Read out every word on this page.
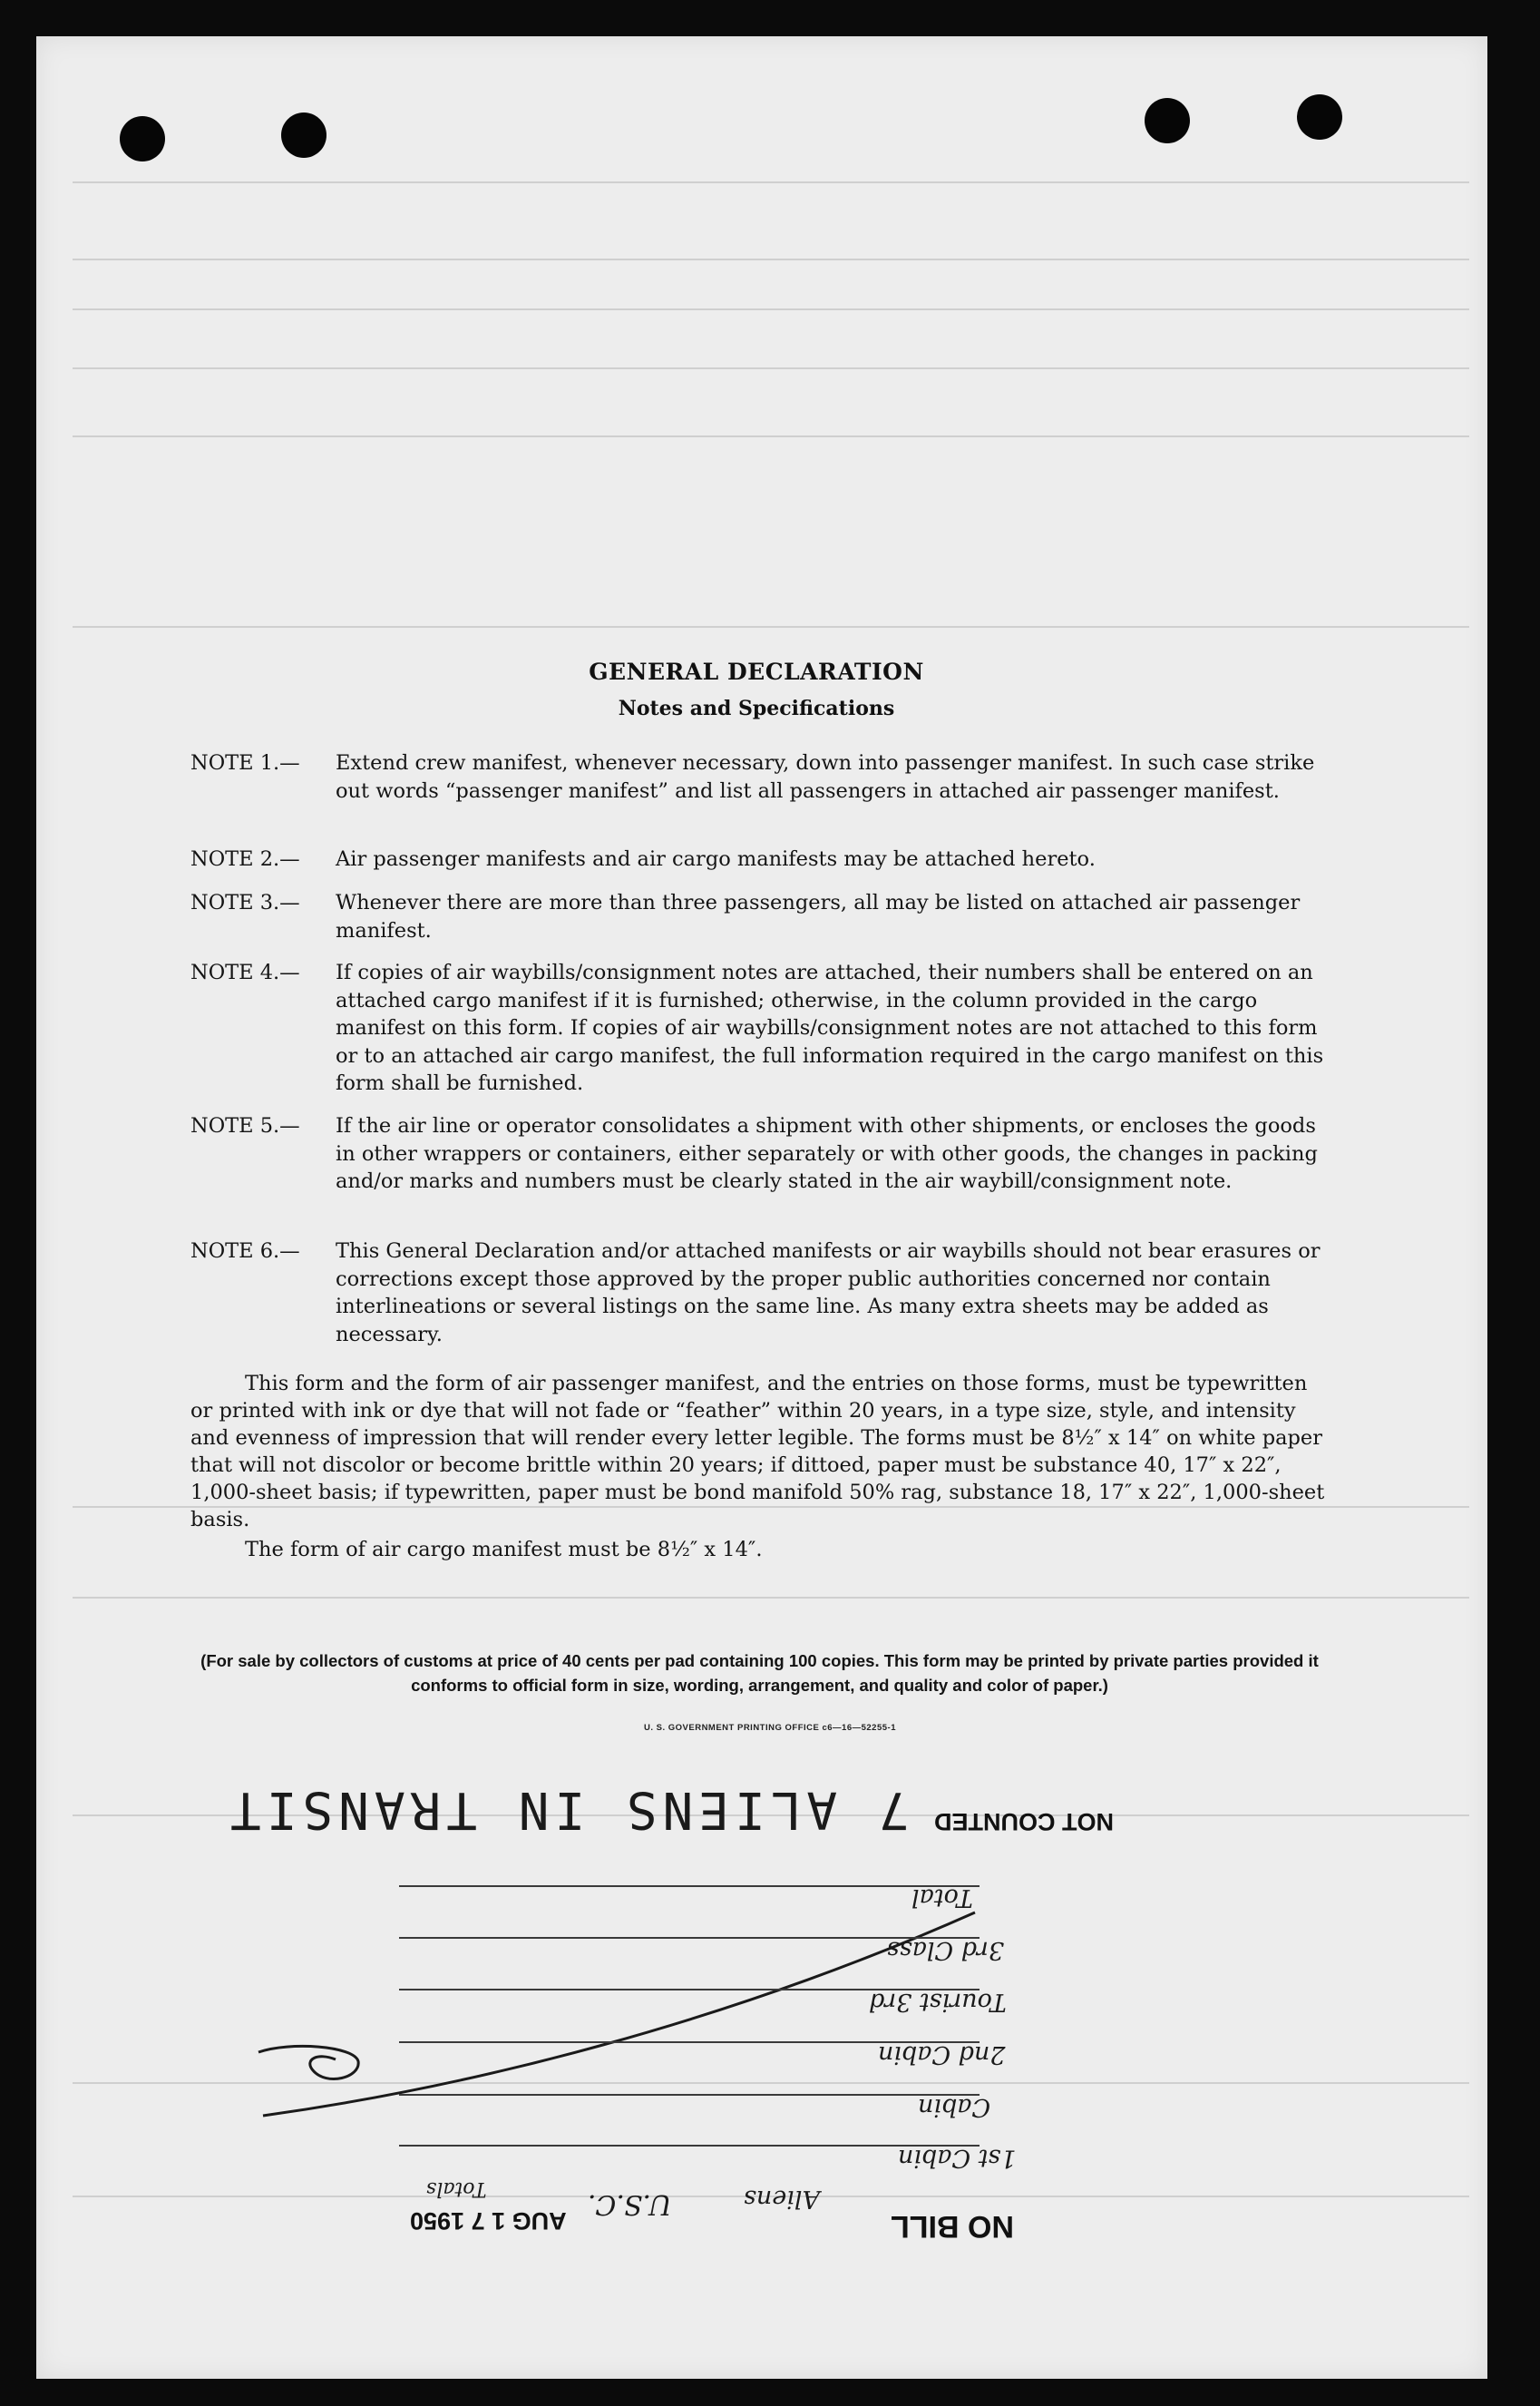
GENERAL DECLARATION
Notes and Specifications
NOTE 1.—	Extend crew manifest, whenever necessary, down into passenger manifest. In such case strike out words “passenger manifest” and list all passengers in attached air passenger manifest.
NOTE 2.—	Air passenger manifests and air cargo manifests may be attached hereto.
NOTE 3.—	Whenever there are more than three passengers, all may be listed on attached air passenger manifest.
NOTE 4.—	If copies of air waybills/consignment notes are attached, their numbers shall be entered on an attached cargo manifest if it is furnished; otherwise, in the column provided in the cargo manifest on this form. If copies of air waybills/consignment notes are not attached to this form or to an attached air cargo manifest, the full information required in the cargo manifest on this form shall be furnished.
NOTE 5.—	If the air line or operator consolidates a shipment with other shipments, or encloses the goods in other wrappers or containers, either separately or with other goods, the changes in packing and/or marks and numbers must be clearly stated in the air waybill/consignment note.
NOTE 6.—	This General Declaration and/or attached manifests or air waybills should not bear erasures or corrections except those approved by the proper public authorities concerned nor contain interlineations or several listings on the same line. As many extra sheets may be added as necessary.
This form and the form of air passenger manifest, and the entries on those forms, must be typewritten or printed with ink or dye that will not fade or “feather” within 20 years, in a type size, style, and intensity and evenness of impression that will render every letter legible. The forms must be 8½″ x 14″ on white paper that will not discolor or become brittle within 20 years; if dittoed, paper must be substance 40, 17″ x 22″, 1,000-sheet basis; if typewritten, paper must be bond manifold 50% rag, substance 18, 17″ x 22″, 1,000-sheet basis.
The form of air cargo manifest must be 8½″ x 14″.
(For sale by collectors of customs at price of 40 cents per pad containing 100 copies. This form may be printed by private parties provided it conforms to official form in size, wording, arrangement, and quality and color of paper.)
U. S. GOVERNMENT PRINTING OFFICE c6—16—52255-1
NOT COUNTED
7 ALIENS IN TRANSIT
Total
3rd Class
Tourist 3rd
2nd Cabin
Cabin
1st Cabin
NO BILL
U.S.C.	Aliens
AUG 1 7 1950
Totals
